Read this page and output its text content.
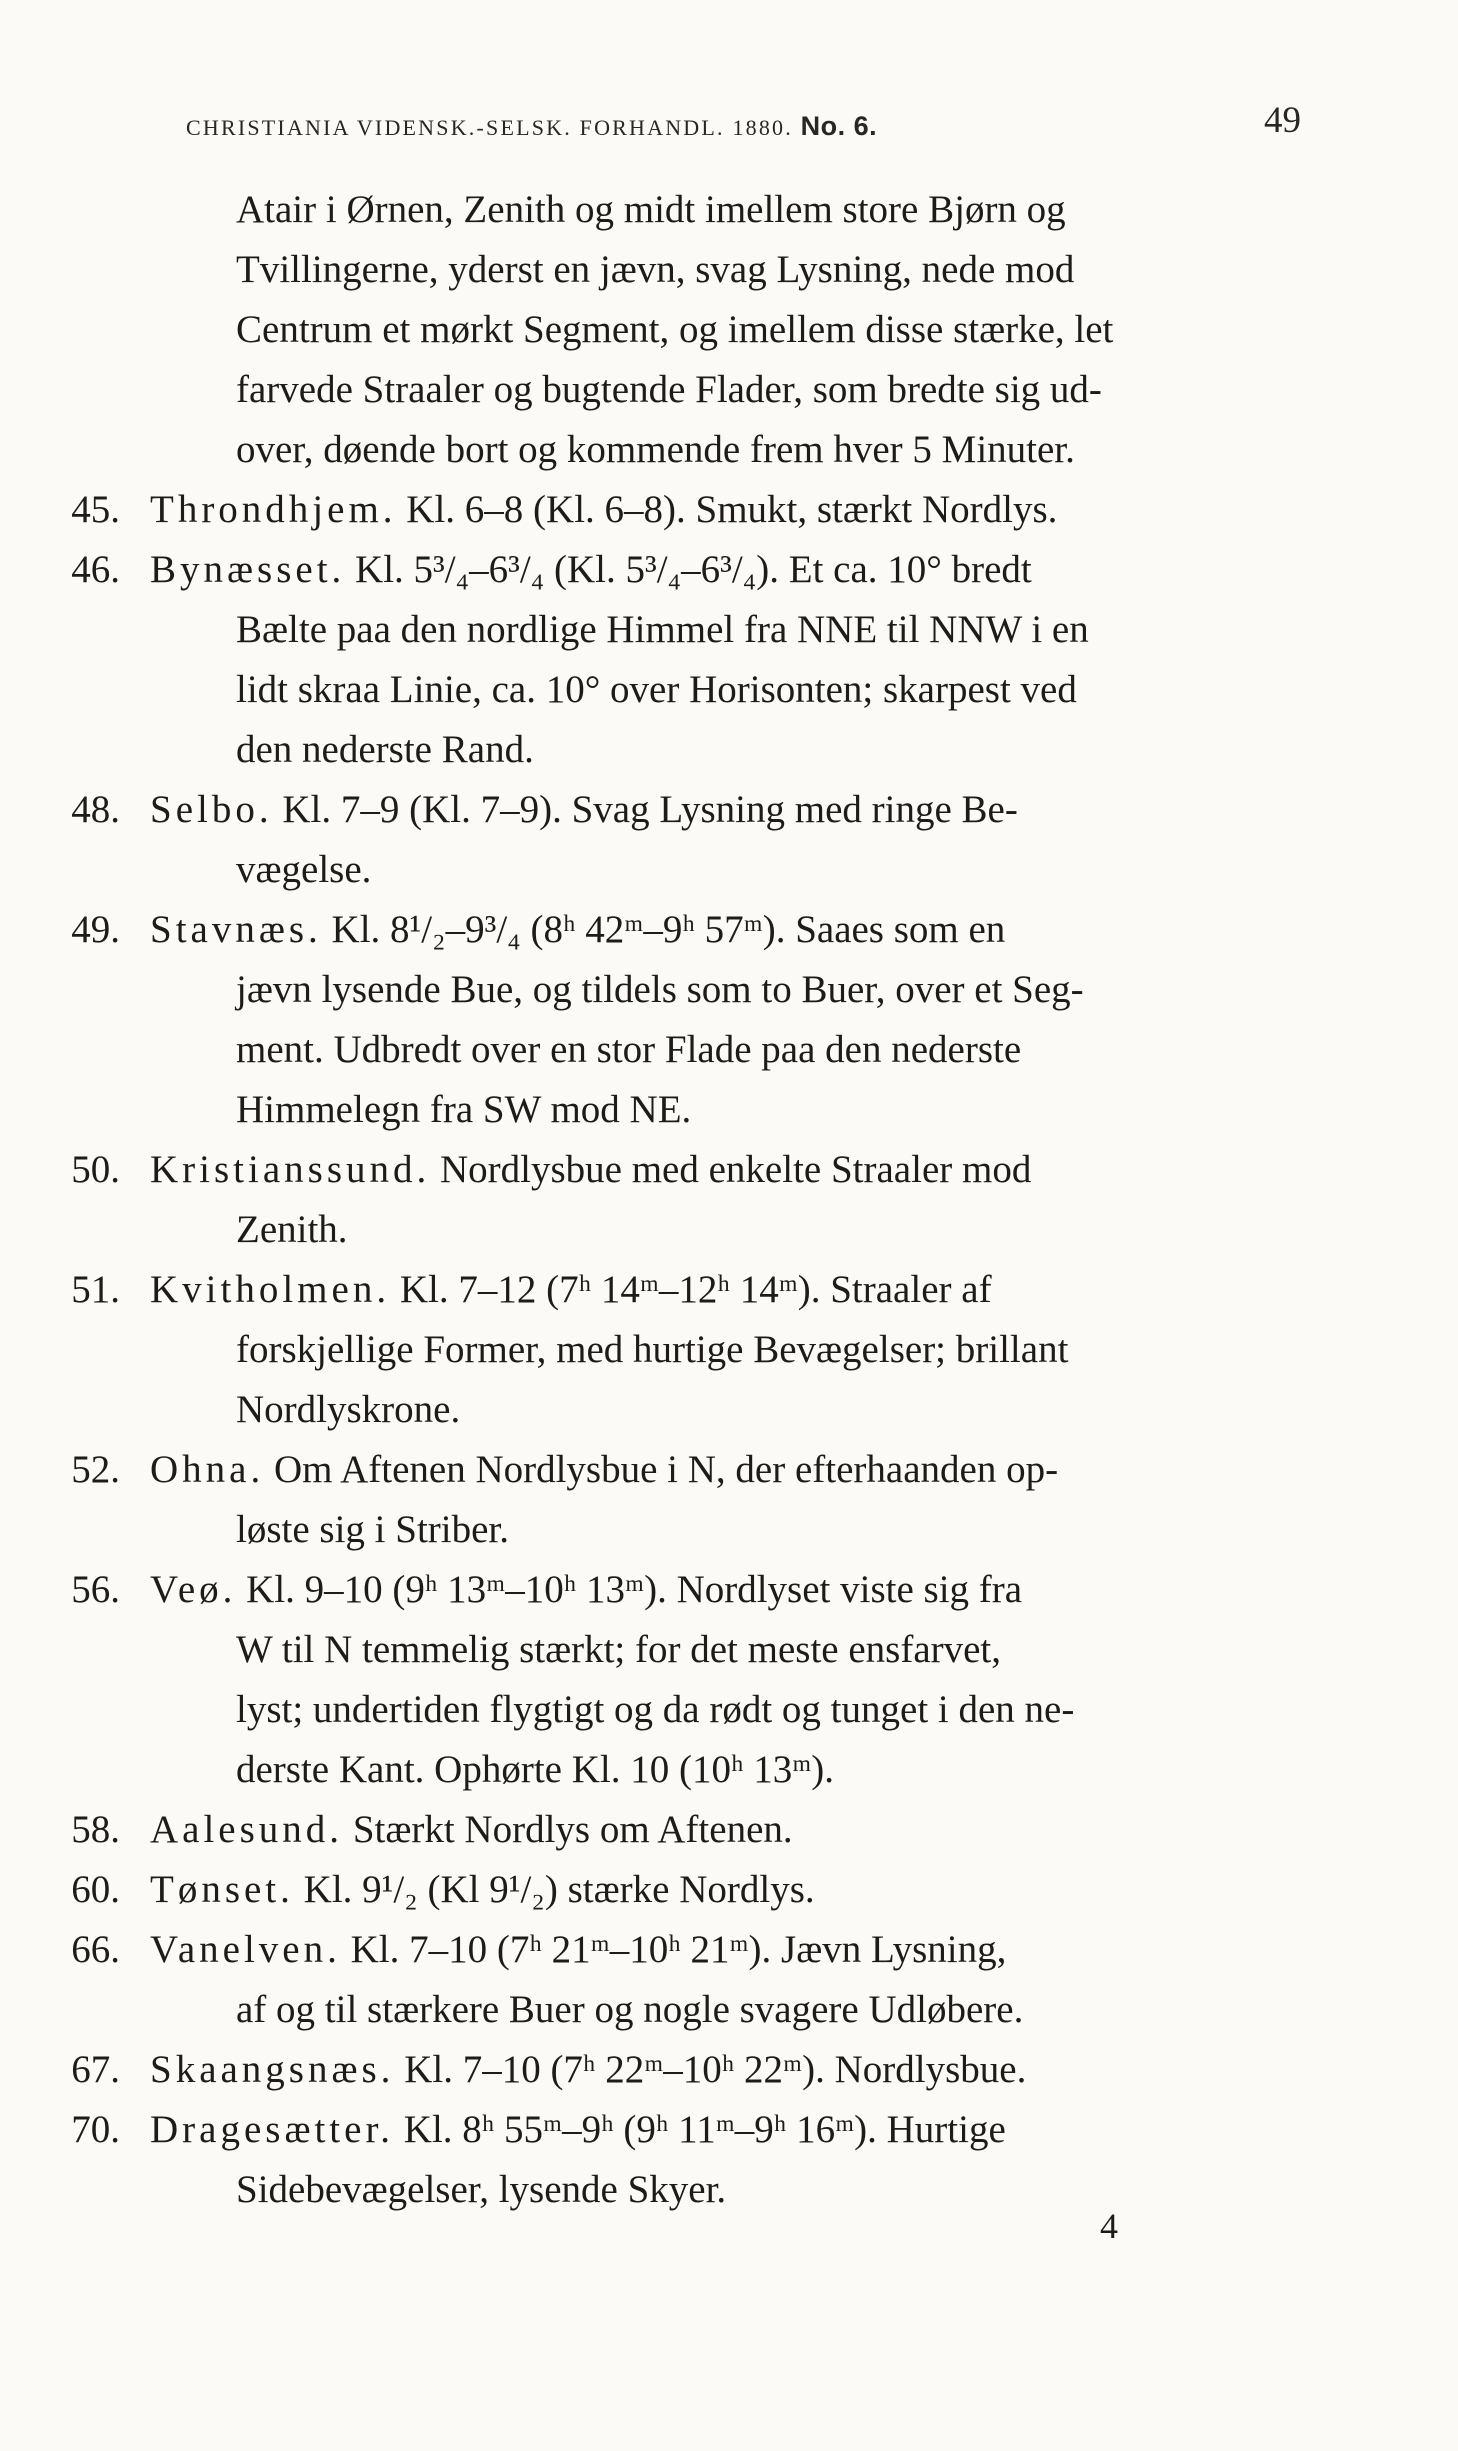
CHRISTIANIA VIDENSK.-SELSK. FORHANDL. 1880. No. 6.	49
Atair i Ørnen, Zenith og midt imellem store Bjørn og
Tvillingerne, yderst en jævn, svag Lysning, nede mod
Centrum et mørkt Segment, og imellem disse stærke, let
farvede Straaler og bugtende Flader, som bredte sig ud-
over, døende bort og kommende frem hver 5 Minuter.
45. Throndhjem. Kl. 6–8 (Kl. 6–8). Smukt, stærkt Nordlys.
46. Bynæsset. Kl. 5³/₄–6³/₄ (Kl. 5³/₄–6³/₄). Et ca. 10° bredt
Bælte paa den nordlige Himmel fra NNE til NNW i en
lidt skraa Linie, ca. 10° over Horisonten; skarpest ved
den nederste Rand.
48. Selbo. Kl. 7–9 (Kl. 7–9). Svag Lysning med ringe Be-
vægelse.
49. Stavnæs. Kl. 8¹/₂–9³/₄ (8ʰ 42ᵐ–9ʰ 57ᵐ). Saaes som en
jævn lysende Bue, og tildels som to Buer, over et Seg-
ment. Udbredt over en stor Flade paa den nederste
Himmelegn fra SW mod NE.
50. Kristianssund. Nordlysbue med enkelte Straaler mod
Zenith.
51. Kvitholmen. Kl. 7–12 (7ʰ 14ᵐ–12ʰ 14ᵐ). Straaler af
forskjellige Former, med hurtige Bevægelser; brillant
Nordlyskrone.
52. Ohna. Om Aftenen Nordlysbue i N, der efterhaanden op-
løste sig i Striber.
56. Veø. Kl. 9–10 (9ʰ 13ᵐ–10ʰ 13ᵐ). Nordlyset viste sig fra
W til N temmelig stærkt; for det meste ensfarvet,
lyst; undertiden flygtigt og da rødt og tunget i den ne-
derste Kant. Ophørte Kl. 10 (10ʰ 13ᵐ).
58. Aalesund. Stærkt Nordlys om Aftenen.
60. Tønset. Kl. 9¹/₂ (Kl 9¹/₂) stærke Nordlys.
66. Vanelven. Kl. 7–10 (7ʰ 21ᵐ–10ʰ 21ᵐ). Jævn Lysning,
af og til stærkere Buer og nogle svagere Udløbere.
67. Skaangsnæs. Kl. 7–10 (7ʰ 22ᵐ–10ʰ 22ᵐ). Nordlysbue.
70. Dragesætter. Kl. 8ʰ 55ᵐ–9ʰ (9ʰ 11ᵐ–9ʰ 16ᵐ). Hurtige
Sidebevægelser, lysende Skyer.
4
